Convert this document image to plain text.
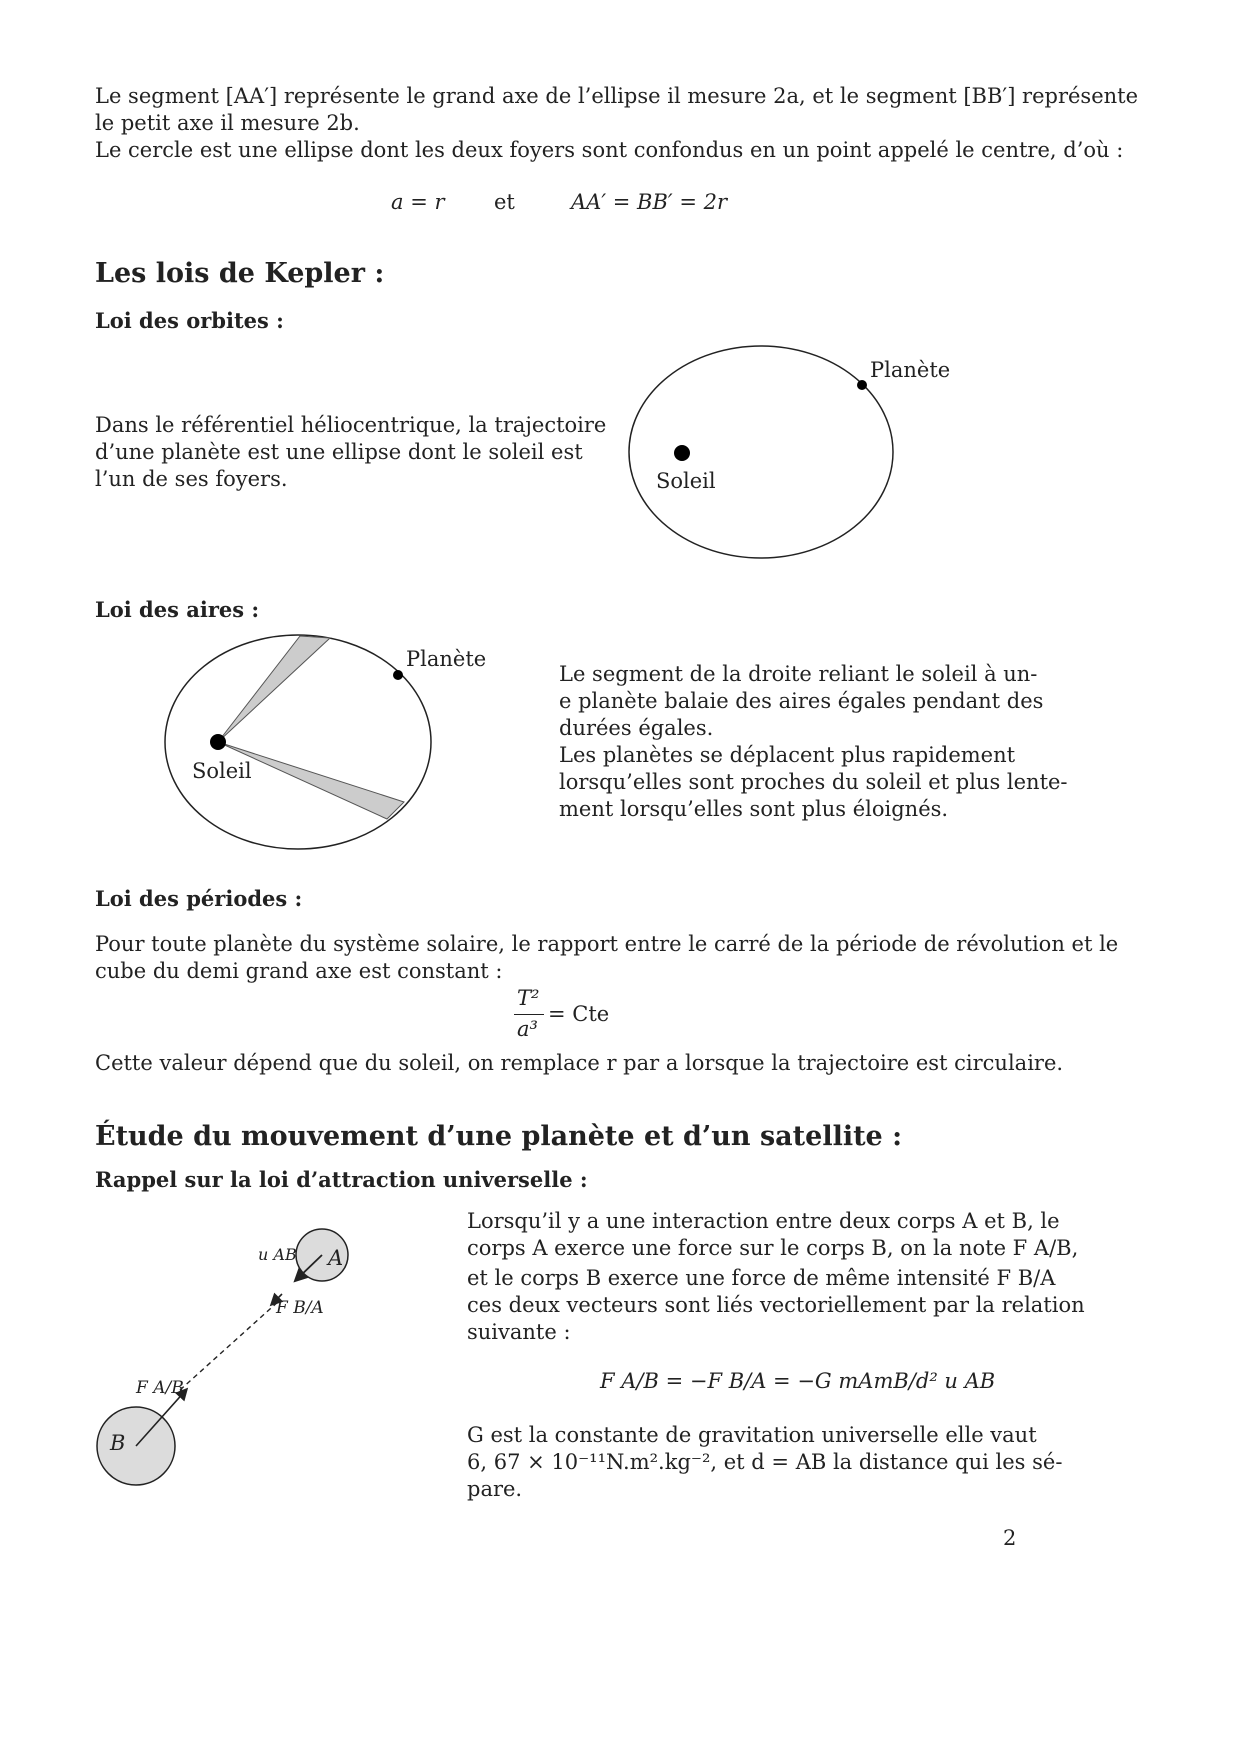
Le segment [AA′] représente le grand axe de l’ellipse il mesure 2a, et le segment [BB′] représente
le petit axe il mesure 2b.
Le cercle est une ellipse dont les deux foyers sont confondus en un point appelé le centre, d’où :
a = r et	AA′ = BB′ = 2r
Les lois de Kepler :
Loi des orbites :
Dans le référentiel héliocentrique, la trajectoire
d’une planète est une ellipse dont le soleil est
l’un de ses foyers.
Planète
Soleil
Loi des aires :
Planète
Soleil
Le segment de la droite reliant le soleil à un-
e planète balaie des aires égales pendant des
durées égales.
Les planètes se déplacent plus rapidement
lorsqu’elles sont proches du soleil et plus lente-
ment lorsqu’elles sont plus éloignés.
Loi des périodes :
Pour toute planète du système solaire, le rapport entre le carré de la période de révolution et le
cube du demi grand axe est constant :
T²
a³
= Cte
Cette valeur dépend que du soleil, on remplace r par a lorsque la trajectoire est circulaire.
Étude du mouvement d’une planète et d’un satellite :
Rappel sur la loi d’attraction universelle :
A
B
u AB
F B/A
F A/B
Lorsqu’il y a une interaction entre deux corps A et B, le
corps A exerce une force sur le corps B, on la note F A/B,
et le corps B exerce une force de même intensité F B/A
ces deux vecteurs sont liés vectoriellement par la relation
suivante :
F A/B = −F B/A = −G mAmB/d² u AB
G est la constante de gravitation universelle elle vaut
6, 67 × 10⁻¹¹N.m².kg⁻², et d = AB la distance qui les sé-
pare.
2
